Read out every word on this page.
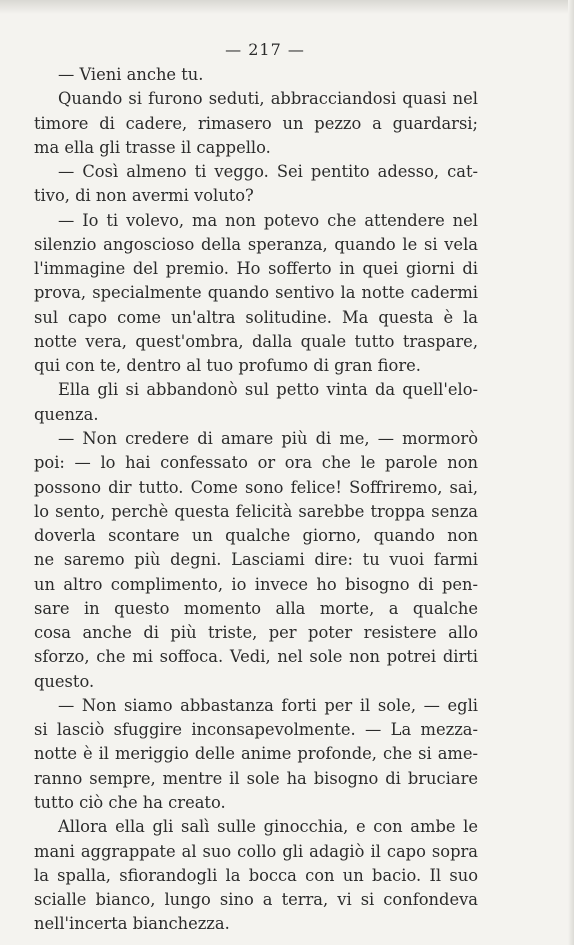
— 217 —
— Vieni anche tu.
Quando si furono seduti, abbracciandosi quasi nel
timore di cadere, rimasero un pezzo a guardarsi;
ma ella gli trasse il cappello.
— Così almeno ti veggo. Sei pentito adesso, cat-
tivo, di non avermi voluto?
— Io ti volevo, ma non potevo che attendere nel
silenzio angoscioso della speranza, quando le si vela
l'immagine del premio. Ho sofferto in quei giorni di
prova, specialmente quando sentivo la notte cadermi
sul capo come un'altra solitudine. Ma questa è la
notte vera, quest'ombra, dalla quale tutto traspare,
qui con te, dentro al tuo profumo di gran fiore.
Ella gli si abbandonò sul petto vinta da quell'elo-
quenza.
— Non credere di amare più di me, — mormorò
poi: — lo hai confessato or ora che le parole non
possono dir tutto. Come sono felice! Soffriremo, sai,
lo sento, perchè questa felicità sarebbe troppa senza
doverla scontare un qualche giorno, quando non
ne saremo più degni. Lasciami dire: tu vuoi farmi
un altro complimento, io invece ho bisogno di pen-
sare in questo momento alla morte, a qualche
cosa anche di più triste, per poter resistere allo
sforzo, che mi soffoca. Vedi, nel sole non potrei dirti
questo.
— Non siamo abbastanza forti per il sole, — egli
si lasciò sfuggire inconsapevolmente. — La mezza-
notte è il meriggio delle anime profonde, che si ame-
ranno sempre, mentre il sole ha bisogno di bruciare
tutto ciò che ha creato.
Allora ella gli salì sulle ginocchia, e con ambe le
mani aggrappate al suo collo gli adagiò il capo sopra
la spalla, sfiorandogli la bocca con un bacio. Il suo
scialle bianco, lungo sino a terra, vi si confondeva
nell'incerta bianchezza.
